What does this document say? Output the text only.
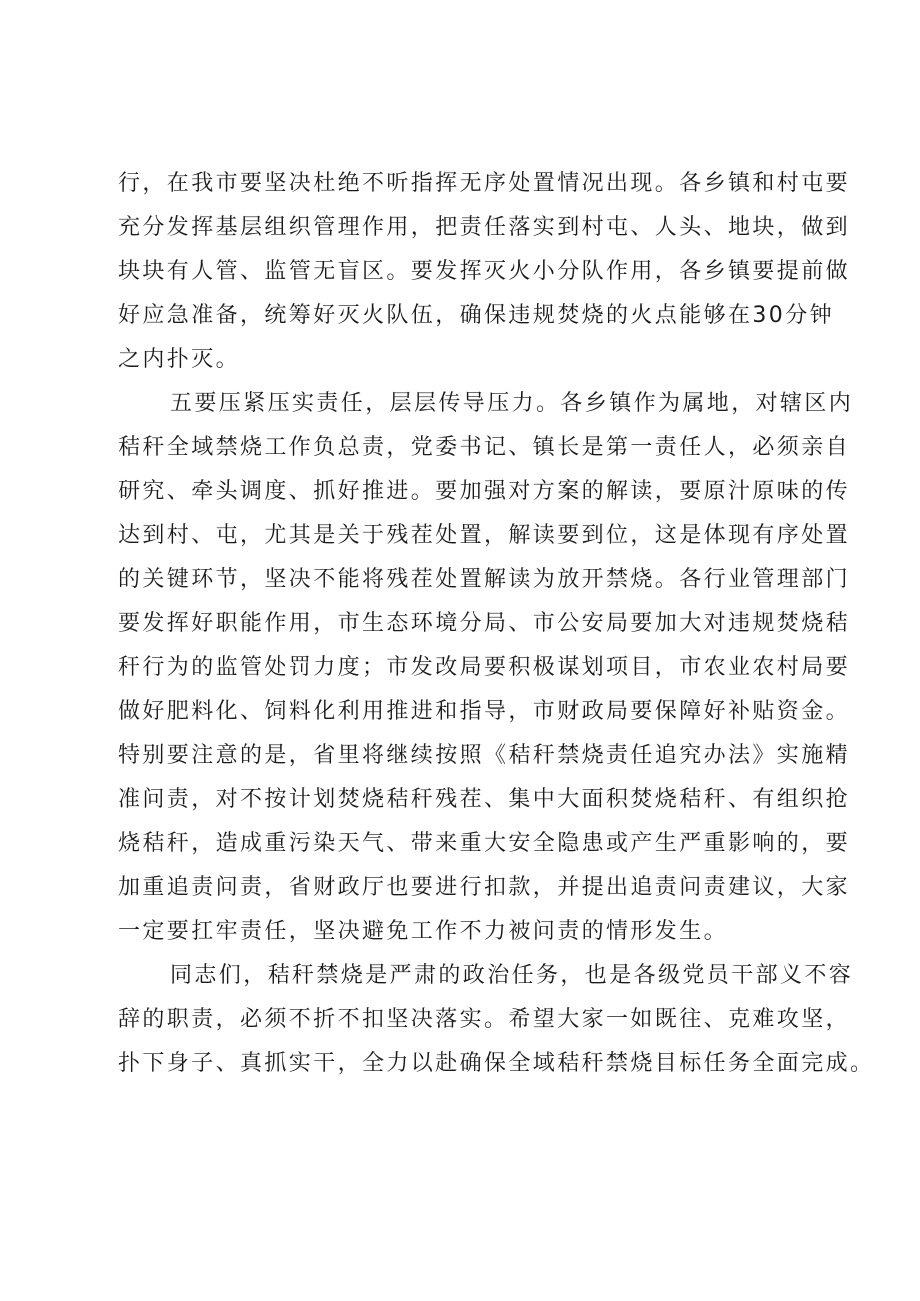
行，在我市要坚决杜绝不听指挥无序处置情况出现。各乡镇和村屯要
充分发挥基层组织管理作用，把责任落实到村屯、人头、地块，做到
块块有人管、监管无盲区。要发挥灭火小分队作用，各乡镇要提前做
好应急准备，统筹好灭火队伍，确保违规焚烧的火点能够在30分钟
之内扑灭。
五要压紧压实责任，层层传导压力。各乡镇作为属地，对辖区内
秸秆全域禁烧工作负总责，党委书记、镇长是第一责任人，必须亲自
研究、牵头调度、抓好推进。要加强对方案的解读，要原汁原味的传
达到村、屯，尤其是关于残茬处置，解读要到位，这是体现有序处置
的关键环节，坚决不能将残茬处置解读为放开禁烧。各行业管理部门
要发挥好职能作用，市生态环境分局、市公安局要加大对违规焚烧秸
秆行为的监管处罚力度；市发改局要积极谋划项目，市农业农村局要
做好肥料化、饲料化利用推进和指导，市财政局要保障好补贴资金。
特别要注意的是，省里将继续按照《秸秆禁烧责任追究办法》实施精
准问责，对不按计划焚烧秸秆残茬、集中大面积焚烧秸秆、有组织抢
烧秸秆，造成重污染天气、带来重大安全隐患或产生严重影响的，要
加重追责问责，省财政厅也要进行扣款，并提出追责问责建议，大家
一定要扛牢责任，坚决避免工作不力被问责的情形发生。
同志们，秸秆禁烧是严肃的政治任务，也是各级党员干部义不容
辞的职责，必须不折不扣坚决落实。希望大家一如既往、克难攻坚，
扑下身子、真抓实干，全力以赴确保全域秸秆禁烧目标任务全面完成。
